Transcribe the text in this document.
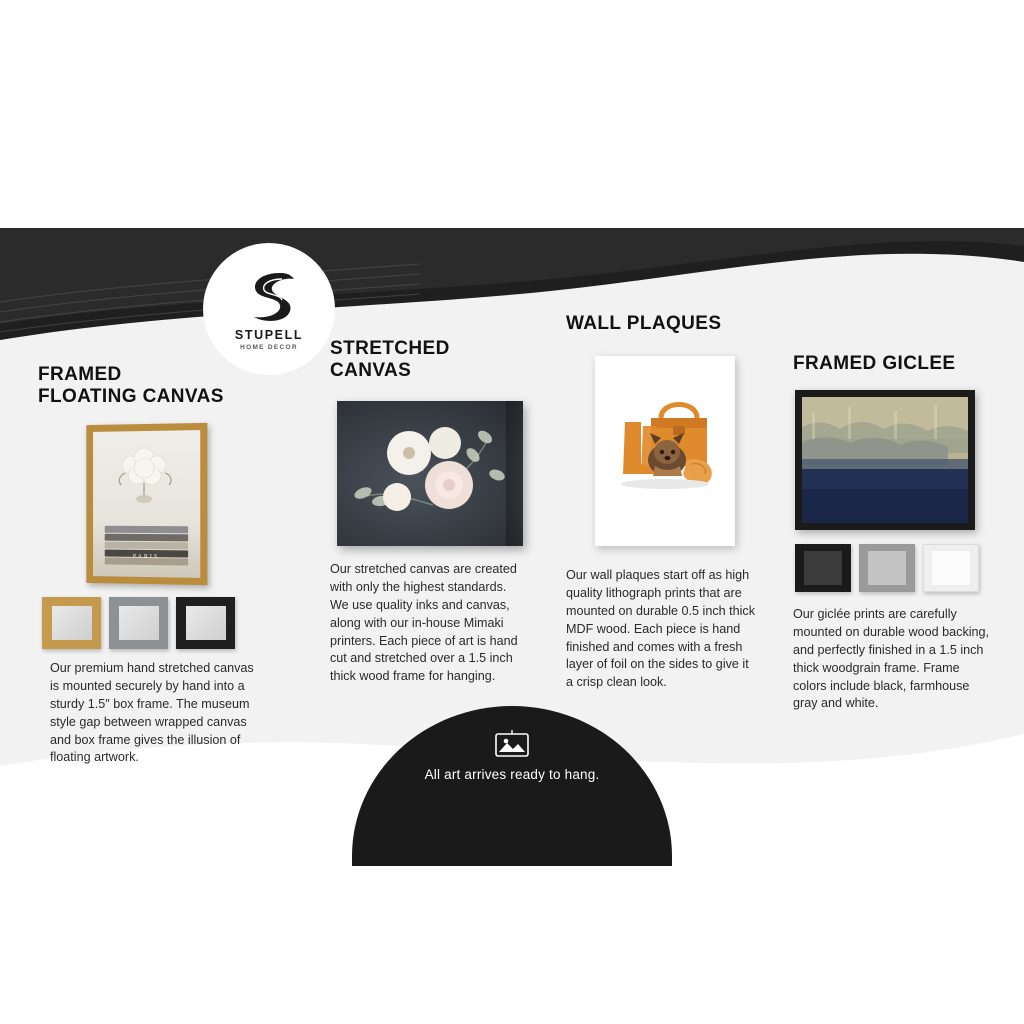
STUPELL
HOME DECOR
FRAMED
FLOATING CANVAS
PARIS
Our premium hand stretched canvas is mounted securely by hand into a sturdy 1.5″ box frame. The museum style gap between wrapped canvas and box frame gives the illusion of floating artwork.
STRETCHED
CANVAS
Our stretched canvas are created with only the highest standards. We use quality inks and canvas, along with our in-house Mimaki printers. Each piece of art is hand cut and stretched over a 1.5 inch thick wood frame for hanging.
WALL PLAQUES
Our wall plaques start off as high quality lithograph prints that are mounted on durable 0.5 inch thick MDF wood. Each piece is hand finished and comes with a fresh layer of foil on the sides to give it a crisp clean look.
FRAMED GICLEE
Our giclée prints are carefully mounted on durable wood backing, and perfectly finished in a 1.5 inch thick woodgrain frame. Frame colors include black, farmhouse gray and white.
All art arrives ready to hang.
